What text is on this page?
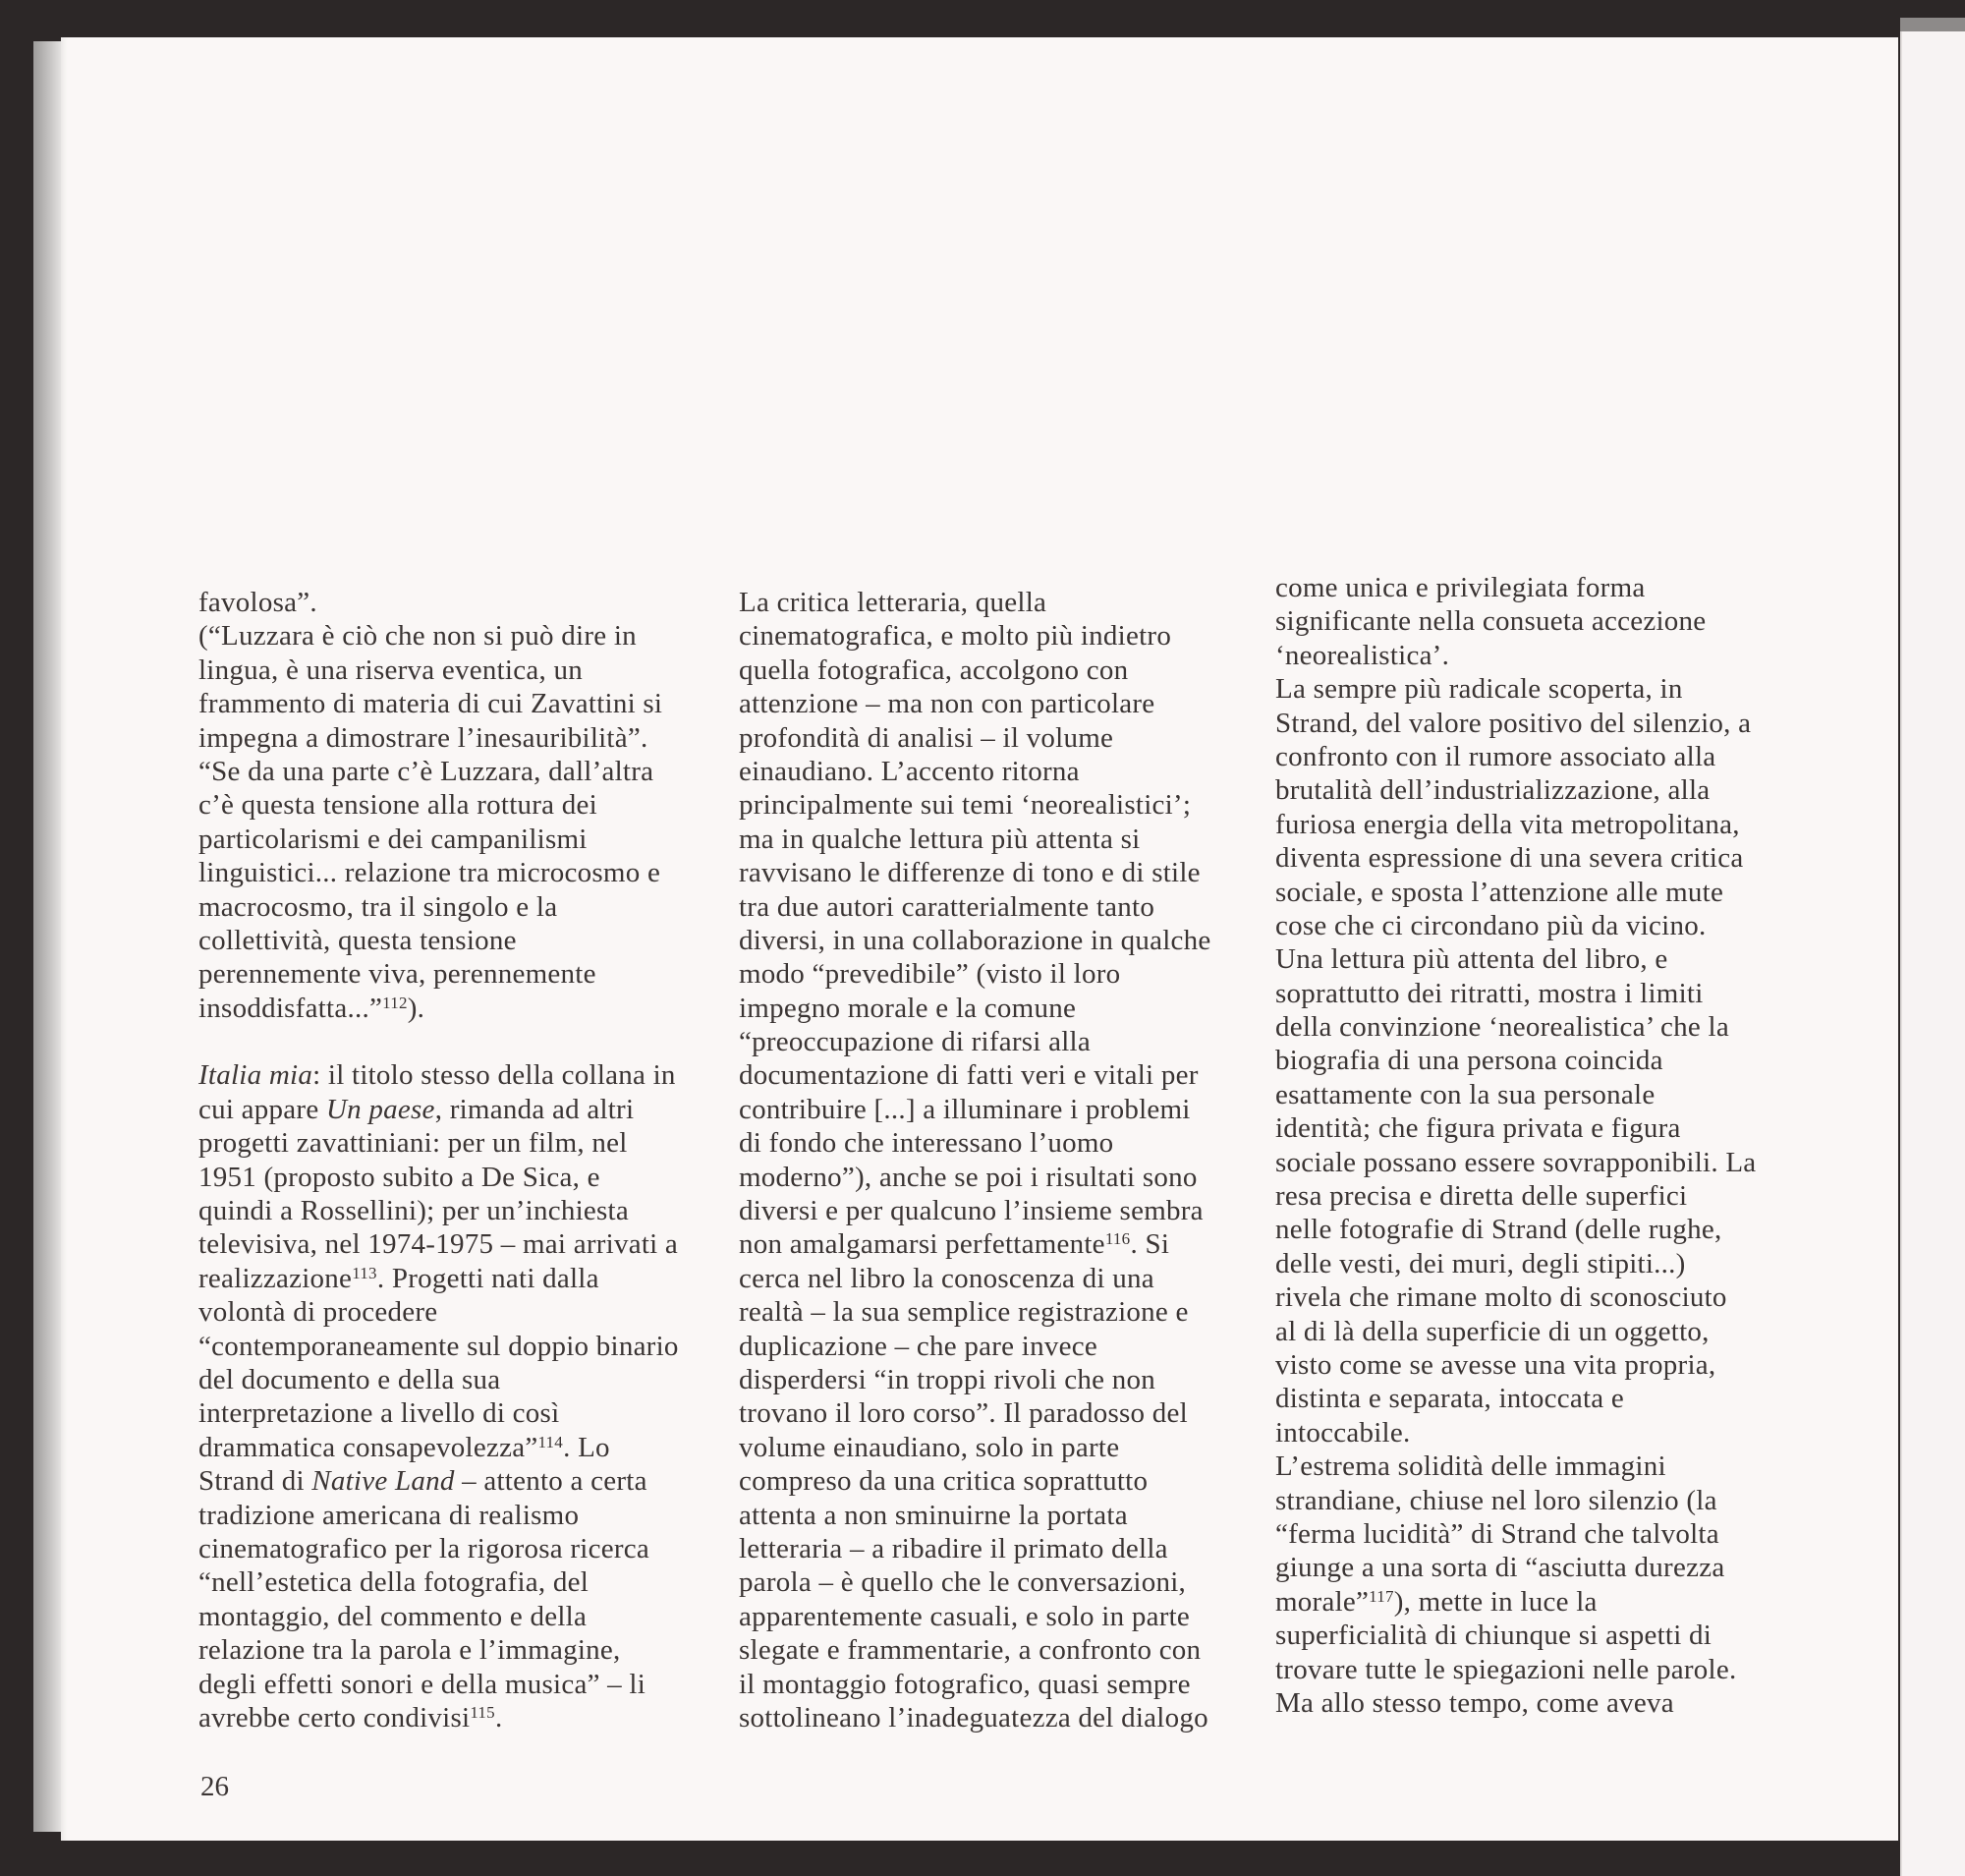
favolosa”.
(“Luzzara è ciò che non si può dire in
lingua, è una riserva eventica, un
frammento di materia di cui Zavattini si
impegna a dimostrare l’inesauribilità”.
“Se da una parte c’è Luzzara, dall’altra
c’è questa tensione alla rottura dei
particolarismi e dei campanilismi
linguistici... relazione tra microcosmo e
macrocosmo, tra il singolo e la
collettività, questa tensione
perennemente viva, perennemente
insoddisfatta...”$^{112}$).
Italia mia: il titolo stesso della collana in
cui appare Un paese, rimanda ad altri
progetti zavattiniani: per un film, nel
1951 (proposto subito a De Sica, e
quindi a Rossellini); per un’inchiesta
televisiva, nel 1974-1975 – mai arrivati a
realizzazione$^{113}$. Progetti nati dalla
volontà di procedere
“contemporaneamente sul doppio binario
del documento e della sua
interpretazione a livello di così
drammatica consapevolezza”$^{114}$. Lo
Strand di Native Land – attento a certa
tradizione americana di realismo
cinematografico per la rigorosa ricerca
“nell’estetica della fotografia, del
montaggio, del commento e della
relazione tra la parola e l’immagine,
degli effetti sonori e della musica” – li
avrebbe certo condivisi$^{115}$.
La critica letteraria, quella
cinematografica, e molto più indietro
quella fotografica, accolgono con
attenzione – ma non con particolare
profondità di analisi – il volume
einaudiano. L’accento ritorna
principalmente sui temi ‘neorealistici’;
ma in qualche lettura più attenta si
ravvisano le differenze di tono e di stile
tra due autori caratterialmente tanto
diversi, in una collaborazione in qualche
modo “prevedibile” (visto il loro
impegno morale e la comune
“preoccupazione di rifarsi alla
documentazione di fatti veri e vitali per
contribuire [...] a illuminare i problemi
di fondo che interessano l’uomo
moderno”), anche se poi i risultati sono
diversi e per qualcuno l’insieme sembra
non amalgamarsi perfettamente$^{116}$. Si
cerca nel libro la conoscenza di una
realtà – la sua semplice registrazione e
duplicazione – che pare invece
disperdersi “in troppi rivoli che non
trovano il loro corso”. Il paradosso del
volume einaudiano, solo in parte
compreso da una critica soprattutto
attenta a non sminuirne la portata
letteraria – a ribadire il primato della
parola – è quello che le conversazioni,
apparentemente casuali, e solo in parte
slegate e frammentarie, a confronto con
il montaggio fotografico, quasi sempre
sottolineano l’inadeguatezza del dialogo
come unica e privilegiata forma
significante nella consueta accezione
‘neorealistica’.
La sempre più radicale scoperta, in
Strand, del valore positivo del silenzio, a
confronto con il rumore associato alla
brutalità dell’industrializzazione, alla
furiosa energia della vita metropolitana,
diventa espressione di una severa critica
sociale, e sposta l’attenzione alle mute
cose che ci circondano più da vicino.
Una lettura più attenta del libro, e
soprattutto dei ritratti, mostra i limiti
della convinzione ‘neorealistica’ che la
biografia di una persona coincida
esattamente con la sua personale
identità; che figura privata e figura
sociale possano essere sovrapponibili. La
resa precisa e diretta delle superfici
nelle fotografie di Strand (delle rughe,
delle vesti, dei muri, degli stipiti...)
rivela che rimane molto di sconosciuto
al di là della superficie di un oggetto,
visto come se avesse una vita propria,
distinta e separata, intoccata e
intoccabile.
L’estrema solidità delle immagini
strandiane, chiuse nel loro silenzio (la
“ferma lucidità” di Strand che talvolta
giunge a una sorta di “asciutta durezza
morale”$^{117}$), mette in luce la
superficialità di chiunque si aspetti di
trovare tutte le spiegazioni nelle parole.
Ma allo stesso tempo, come aveva
26
